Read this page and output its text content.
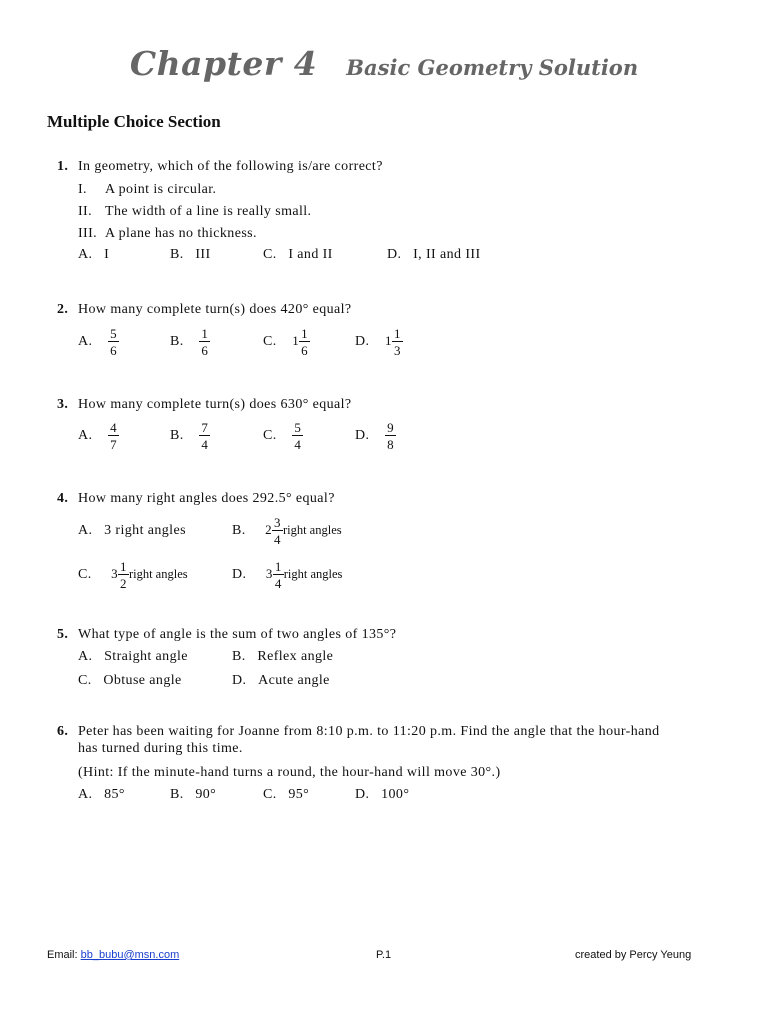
Chapter 4 Basic Geometry Solution
Multiple Choice Section
1. In geometry, which of the following is/are correct?
I. A point is circular.
II. The width of a line is really small.
III. A plane has no thickness.
A. I	B. III	C. I and II	D. I, II and III
2. How many complete turn(s) does 420° equal?
A. $\frac{5}{6}$	B. $\frac{1}{6}$	C. $1 \frac{1}{6}$	D. $1 \frac{1}{3}$
3. How many complete turn(s) does 630° equal?
A. $\frac{4}{7}$	B. $\frac{7}{4}$	C. $\frac{5}{4}$	D. $\frac{9}{8}$
4. How many right angles does 292.5° equal?
A. 3 right angles	B. $2 \frac{3}{4}$ right angles
C. $3 \frac{1}{2}$ right angles	D. $3 \frac{1}{4}$ right angles
5. What type of angle is the sum of two angles of 135°?
A. Straight angle	B. Reflex angle
C. Obtuse angle	D. Acute angle
6. Peter has been waiting for Joanne from 8:10 p.m. to 11:20 p.m. Find the angle that the hour-hand
has turned during this time.
(Hint: If the minute-hand turns a round, the hour-hand will move 30°.)
A. 85°	B. 90°	C. 95°	D. 100°
Email: bb_bubu@msn.com	P.1	created by Percy Yeung
